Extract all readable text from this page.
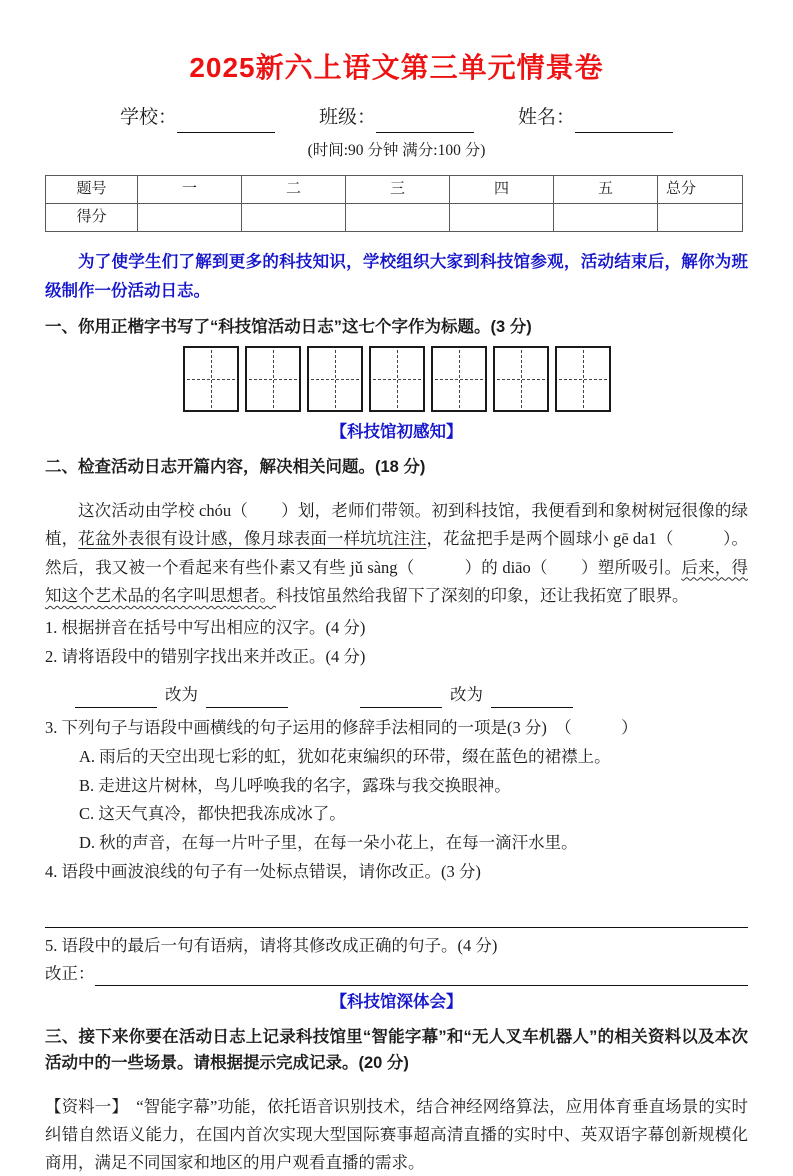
2025新六上语文第三单元情景卷
学校：	班级：	姓名：
(时间:90 分钟 满分:100 分)
题号	一	二	三	四	五	总分
得分						

为了使学生们了解到更多的科技知识，学校组织大家到科技馆参观，活动结束后，解你为班级制作一份活动日志。

一、你用正楷字书写了“科技馆活动日志”这七个字作为标题。(3 分)
【科技馆初感知】
二、检查活动日志开篇内容，解决相关问题。(18 分)

这次活动由学校 chóu（　　）划，老师们带领。初到科技馆，我便看到和象树树冠很像的绿植，花盆外表很有设计感，像月球表面一样坑坑注注，花盆把手是两个圆球小 gē da1（　　　）。然后，我又被一个看起来有些仆素又有些 jǔ sàng（　　　）的 diāo（　　）塑所吸引。后来，得知这个艺术品的名字叫思想者。科技馆虽然给我留下了深刻的印象，还让我拓宽了眼界。

1. 根据拼音在括号中写出相应的汉字。(4 分)
2. 请将语段中的错别字找出来并改正。(4 分)
改为	改为
3. 下列句子与语段中画横线的句子运用的修辞手法相同的一项是(3 分)　（　　　）
A. 雨后的天空出现七彩的虹，犹如花束编织的环带，缀在蓝色的裙襟上。
B. 走进这片树林，鸟儿呼唤我的名字，露珠与我交换眼神。
C. 这天气真冷，都快把我冻成冰了。
D. 秋的声音，在每一片叶子里，在每一朵小花上，在每一滴汗水里。
4. 语段中画波浪线的句子有一处标点错误，请你改正。(3 分)
5. 语段中的最后一句有语病，请将其修改成正确的句子。(4 分)
改正：
【科技馆深体会】
三、接下来你要在活动日志上记录科技馆里“智能字幕”和“无人叉车机器人”的相关资料以及本次活动中的一些场景。请根据提示完成记录。(20 分)

【资料一】　“智能字幕”功能，依托语音识别技术，结合神经网络算法，应用体育垂直场景的实时纠错自然语义能力，在国内首次实现大型国际赛事超高清直播的实时中、英双语字幕创新规模化商用，满足不同国家和地区的用户观看直播的需求。
